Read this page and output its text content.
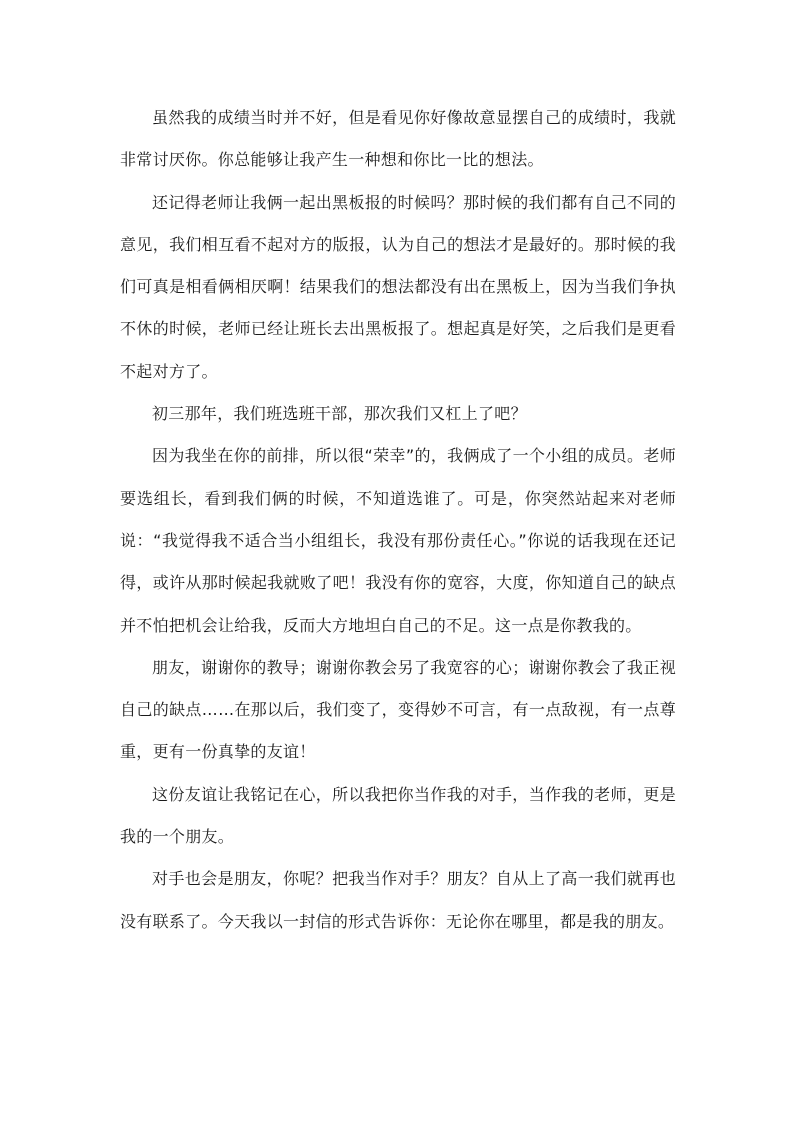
虽然我的成绩当时并不好，但是看见你好像故意显摆自己的成绩时，我就非常讨厌你。你总能够让我产生一种想和你比一比的想法。

还记得老师让我俩一起出黑板报的时候吗？那时候的我们都有自己不同的意见，我们相互看不起对方的版报，认为自己的想法才是最好的。那时候的我们可真是相看俩相厌啊！结果我们的想法都没有出在黑板上，因为当我们争执不休的时候，老师已经让班长去出黑板报了。想起真是好笑，之后我们是更看不起对方了。

初三那年，我们班选班干部，那次我们又杠上了吧？

因为我坐在你的前排，所以很“荣幸”的，我俩成了一个小组的成员。老师要选组长，看到我们俩的时候，不知道选谁了。可是，你突然站起来对老师说：“我觉得我不适合当小组组长，我没有那份责任心。”你说的话我现在还记得，或许从那时候起我就败了吧！我没有你的宽容，大度，你知道自己的缺点并不怕把机会让给我，反而大方地坦白自己的不足。这一点是你教我的。

朋友，谢谢你的教导；谢谢你教会另了我宽容的心；谢谢你教会了我正视自己的缺点……在那以后，我们变了，变得妙不可言，有一点敌视，有一点尊重，更有一份真挚的友谊！

这份友谊让我铭记在心，所以我把你当作我的对手，当作我的老师，更是我的一个朋友。

对手也会是朋友，你呢？把我当作对手？朋友？自从上了高一我们就再也没有联系了。今天我以一封信的形式告诉你：无论你在哪里，都是我的朋友。
